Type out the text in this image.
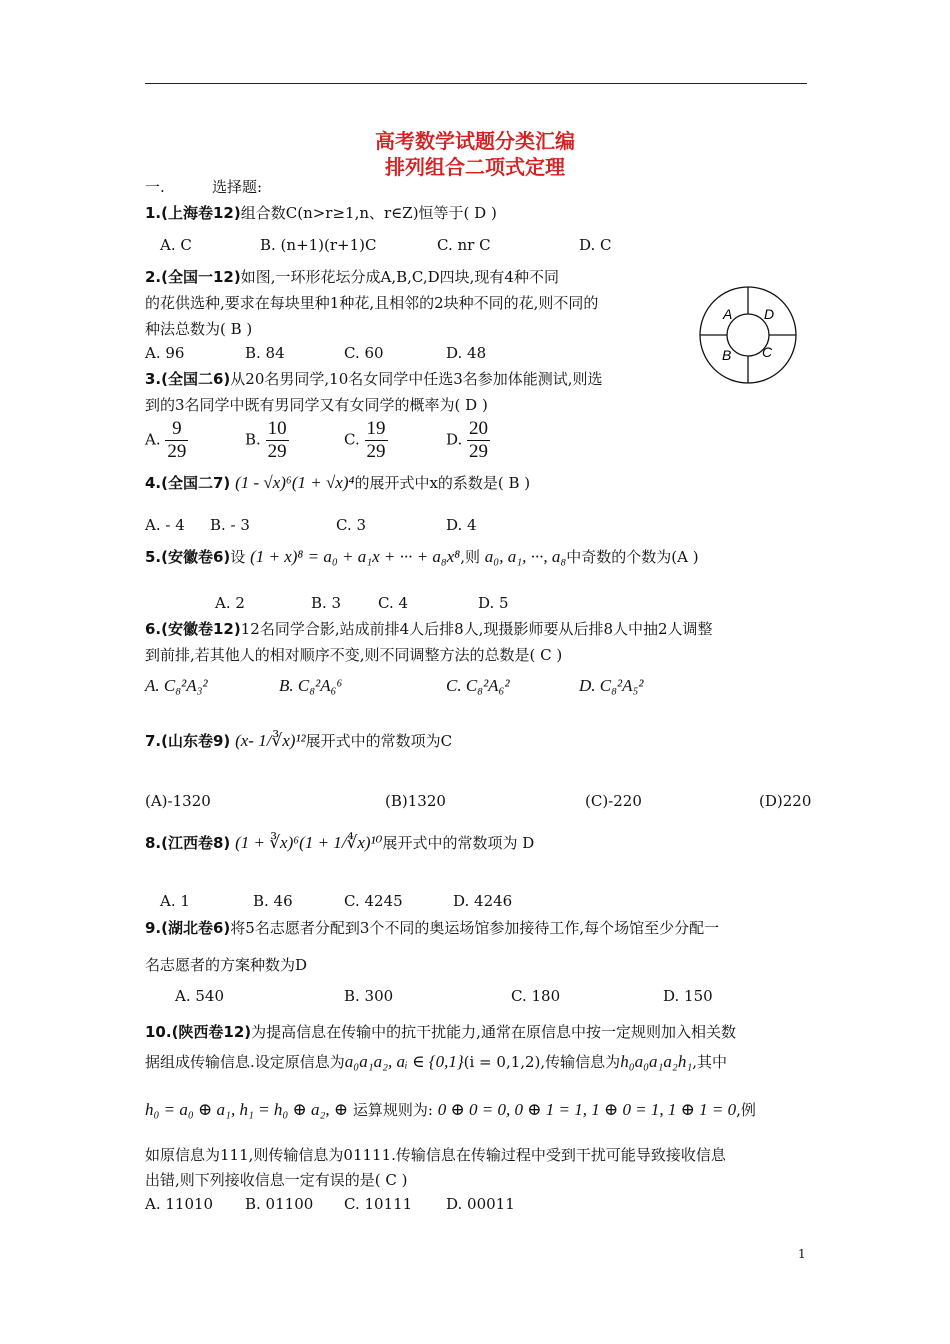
高考数学试题分类汇编
排列组合二项式定理
一.	选择题:
1.(上海卷12)组合数C(n>r≥1,n、r∈Z)恒等于( D )
A. C	B. (n+1)(r+1)C	C. nr C	D. C
2.(全国一12)如图,一环形花坛分成A,B,C,D四块,现有4种不同
的花供选种,要求在每块里种1种花,且相邻的2块种不同的花,则不同的
种法总数为( B )
A. 96	B. 84	C. 60	D. 48
A D
B C
3.(全国二6)从20名男同学,10名女同学中任选3名参加体能测试,则选
到的3名同学中既有男同学又有女同学的概率为( D )
A. $\frac{9}{29}$	B. $\frac{10}{29}$	C. $\frac{19}{29}$	D. $\frac{20}{29}$
4.(全国二7) (1 - √x)⁶(1 + √x)⁴的展开式中x的系数是( B )
A. - 4 B. - 3	C. 3	D. 4
5.(安徽卷6)设 (1 + x)⁸ = a₀ + a₁x + ··· + a₈x⁸,则 a₀, a₁, ···, a₈中奇数的个数为(A )
A. 2	B. 3 C. 4	D. 5
6.(安徽卷12)12名同学合影,站成前排4人后排8人,现摄影师要从后排8人中抽2人调整
到前排,若其他人的相对顺序不变,则不同调整方法的总数是( C )
A. C₈²A₃²	B. C₈²A₆⁶	C. C₈²A₆²	D. C₈²A₅²
7.(山东卷9) (x- 1/∛x)¹²展开式中的常数项为C
(A)-1320	(B)1320	(C)-220	(D)220
8.(江西卷8) (1 + ∛x)⁶(1 + 1/∜x)¹⁰展开式中的常数项为 D
A. 1	B. 46	C. 4245	D. 4246
9.(湖北卷6)将5名志愿者分配到3个不同的奥运场馆参加接待工作,每个场馆至少分配一
名志愿者的方案种数为D
A. 540	B. 300	C. 180	D. 150
10.(陕西卷12)为提高信息在传输中的抗干扰能力,通常在原信息中按一定规则加入相关数
据组成传输信息.设定原信息为a₀a₁a₂, aᵢ ∈ {0,1}(i = 0,1,2),传输信息为h₀a₀a₁a₂h₁,其中
h₀ = a₀ ⊕ a₁, h₁ = h₀ ⊕ a₂, ⊕ 运算规则为: 0 ⊕ 0 = 0, 0 ⊕ 1 = 1, 1 ⊕ 0 = 1, 1 ⊕ 1 = 0,例
如原信息为111,则传输信息为01111.传输信息在传输过程中受到干扰可能导致接收信息
出错,则下列接收信息一定有误的是( C )
A. 11010 B. 01100 C. 10111 D. 00011
1
